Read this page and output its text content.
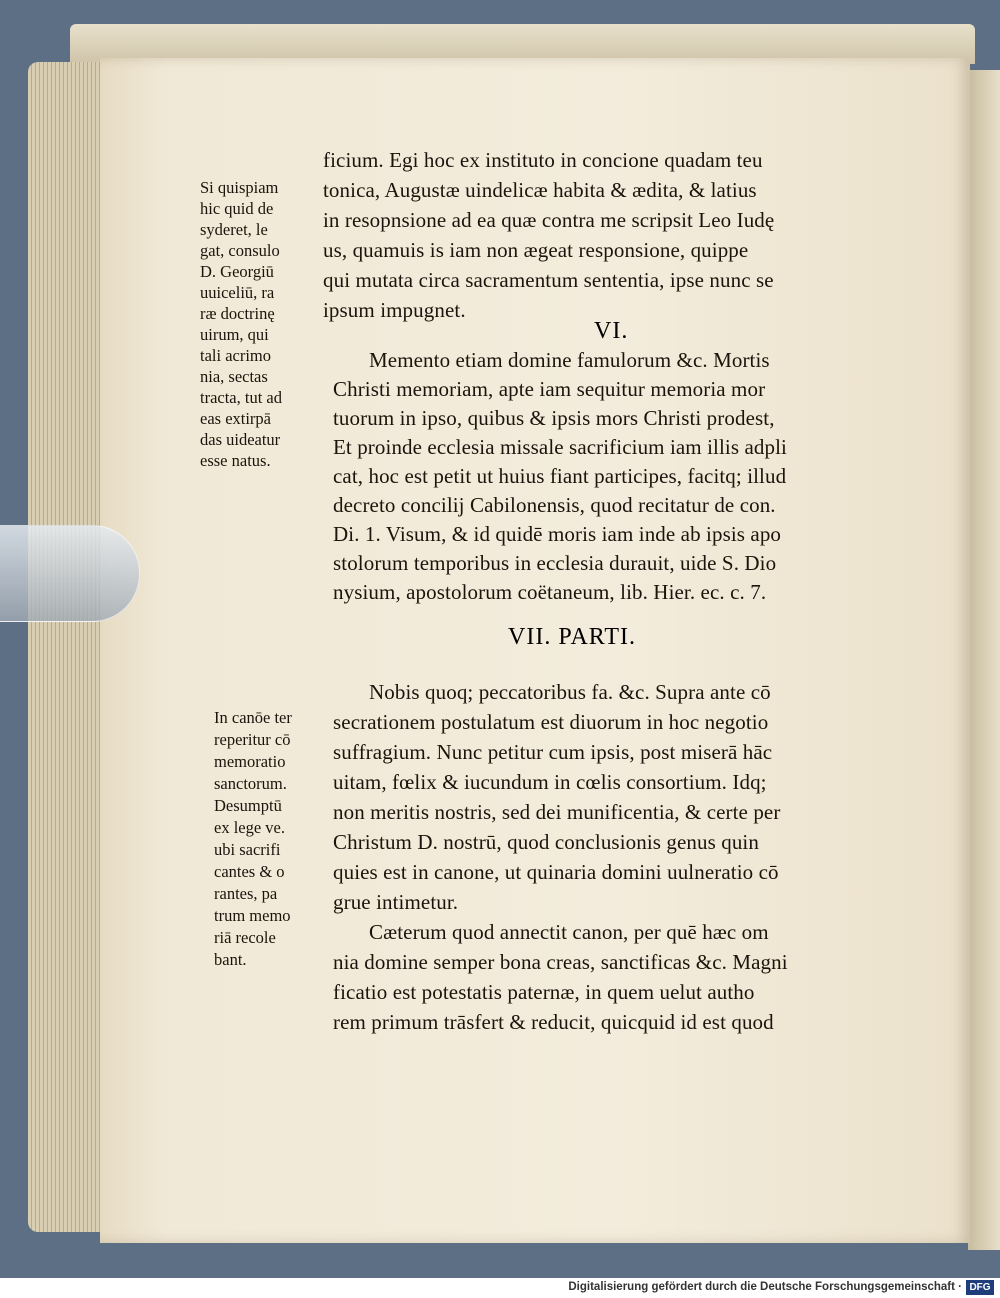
Si quispiam
hic quid de
syderet, le
gat, consulo
D. Georgiū
uuiceliū, ra
ræ doctrinę
uirum, qui
tali acrimo
nia, sectas
tracta, tut ad
eas extirpā
das uideatur
esse natus.
In canōe ter
reperitur cō
memoratio
sanctorum.
Desumptū
ex lege ve.
ubi sacrifi
cantes & o
rantes, pa
trum memo
riā recole
bant.
ficium. Egi hoc ex instituto in concione quadam teu
tonica, Augustæ uindelicæ habita & ædita, & latius
in resopnsione ad ea quæ contra me scripsit Leo Iudę
us, quamuis is iam non ægeat responsione, quippe
qui mutata circa sacramentum sententia, ipse nunc se
ipsum impugnet.
VI.
Memento etiam domine famulorum &c. Mortis
Christi memoriam, apte iam sequitur memoria mor
tuorum in ipso, quibus & ipsis mors Christi prodest,
Et proinde ecclesia missale sacrificium iam illis adpli
cat, hoc est petit ut huius fiant participes, facitq; illud
decreto concilij Cabilonensis, quod recitatur de con.
Di. 1. Visum, & id quidē moris iam inde ab ipsis apo
stolorum temporibus in ecclesia durauit, uide S. Dio
nysium, apostolorum coëtaneum, lib. Hier. ec. c. 7.
VII. PARTI.
Nobis quoq; peccatoribus fa. &c. Supra ante cō
secrationem postulatum est diuorum in hoc negotio
suffragium. Nunc petitur cum ipsis, post miserā hāc
uitam, fœlix & iucundum in cœlis consortium. Idq;
non meritis nostris, sed dei munificentia, & certe per
Christum D. nostrū, quod conclusionis genus quin
quies est in canone, ut quinaria domini uulneratio cō
grue intimetur.
Cæterum quod annectit canon, per quē hæc om
nia domine semper bona creas, sanctificas &c. Magni
ficatio est potestatis paternæ, in quem uelut autho
rem primum trāsfert & reducit, quicquid id est quod
Digitalisierung gefördert durch die Deutsche Forschungsgemeinschaft · DFG
